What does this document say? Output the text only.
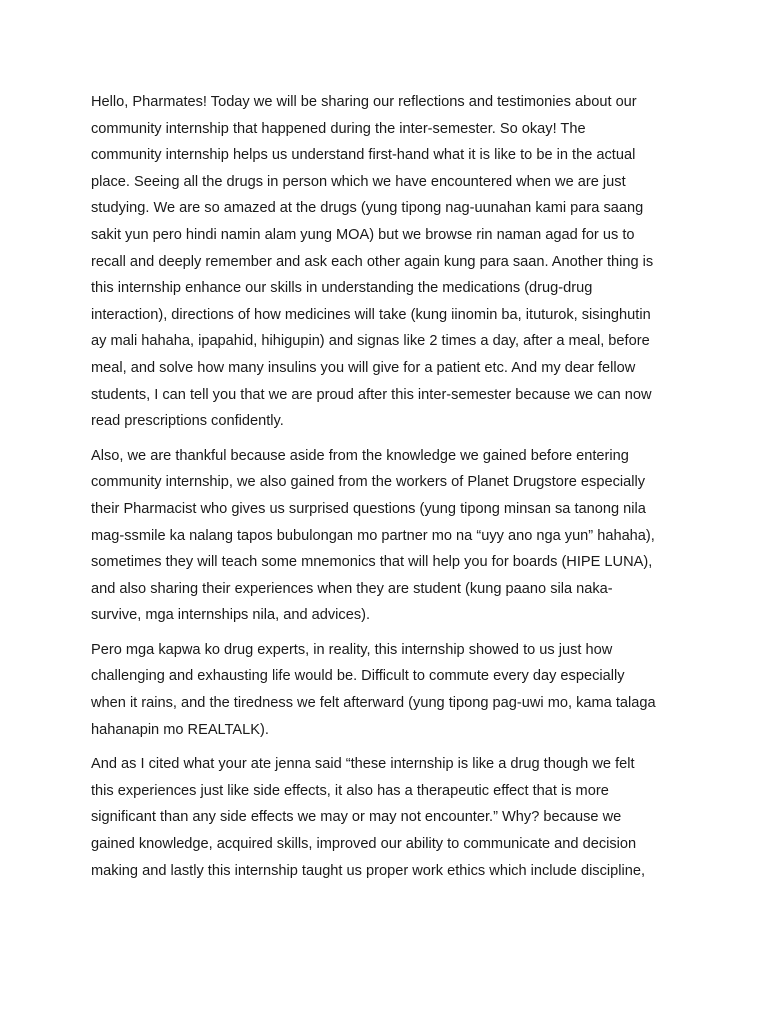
Hello, Pharmates! Today we will be sharing our reflections and testimonies about our
community internship that happened during the inter-semester. So okay! The
community internship helps us understand first-hand what it is like to be in the actual
place. Seeing all the drugs in person which we have encountered when we are just
studying. We are so amazed at the drugs (yung tipong nag-uunahan kami para saang
sakit yun pero hindi namin alam yung MOA) but we browse rin naman agad for us to
recall and deeply remember and ask each other again kung para saan. Another thing is
this internship enhance our skills in understanding the medications (drug-drug
interaction), directions of how medicines will take (kung iinomin ba, ituturok, sisinghutin
ay mali hahaha, ipapahid, hihigupin) and signas like 2 times a day, after a meal, before
meal, and solve how many insulins you will give for a patient etc. And my dear fellow
students, I can tell you that we are proud after this inter-semester because we can now
read prescriptions confidently.

Also, we are thankful because aside from the knowledge we gained before entering
community internship, we also gained from the workers of Planet Drugstore especially
their Pharmacist who gives us surprised questions (yung tipong minsan sa tanong nila
mag-ssmile ka nalang tapos bubulongan mo partner mo na “uyy ano nga yun” hahaha),
sometimes they will teach some mnemonics that will help you for boards (HIPE LUNA),
and also sharing their experiences when they are student (kung paano sila naka-
survive, mga internships nila, and advices).

Pero mga kapwa ko drug experts, in reality, this internship showed to us just how
challenging and exhausting life would be. Difficult to commute every day especially
when it rains, and the tiredness we felt afterward (yung tipong pag-uwi mo, kama talaga
hahanapin mo REALTALK).

And as I cited what your ate jenna said “these internship is like a drug though we felt
this experiences just like side effects, it also has a therapeutic effect that is more
significant than any side effects we may or may not encounter.” Why? because we
gained knowledge, acquired skills, improved our ability to communicate and decision
making and lastly this internship taught us proper work ethics which include discipline,
